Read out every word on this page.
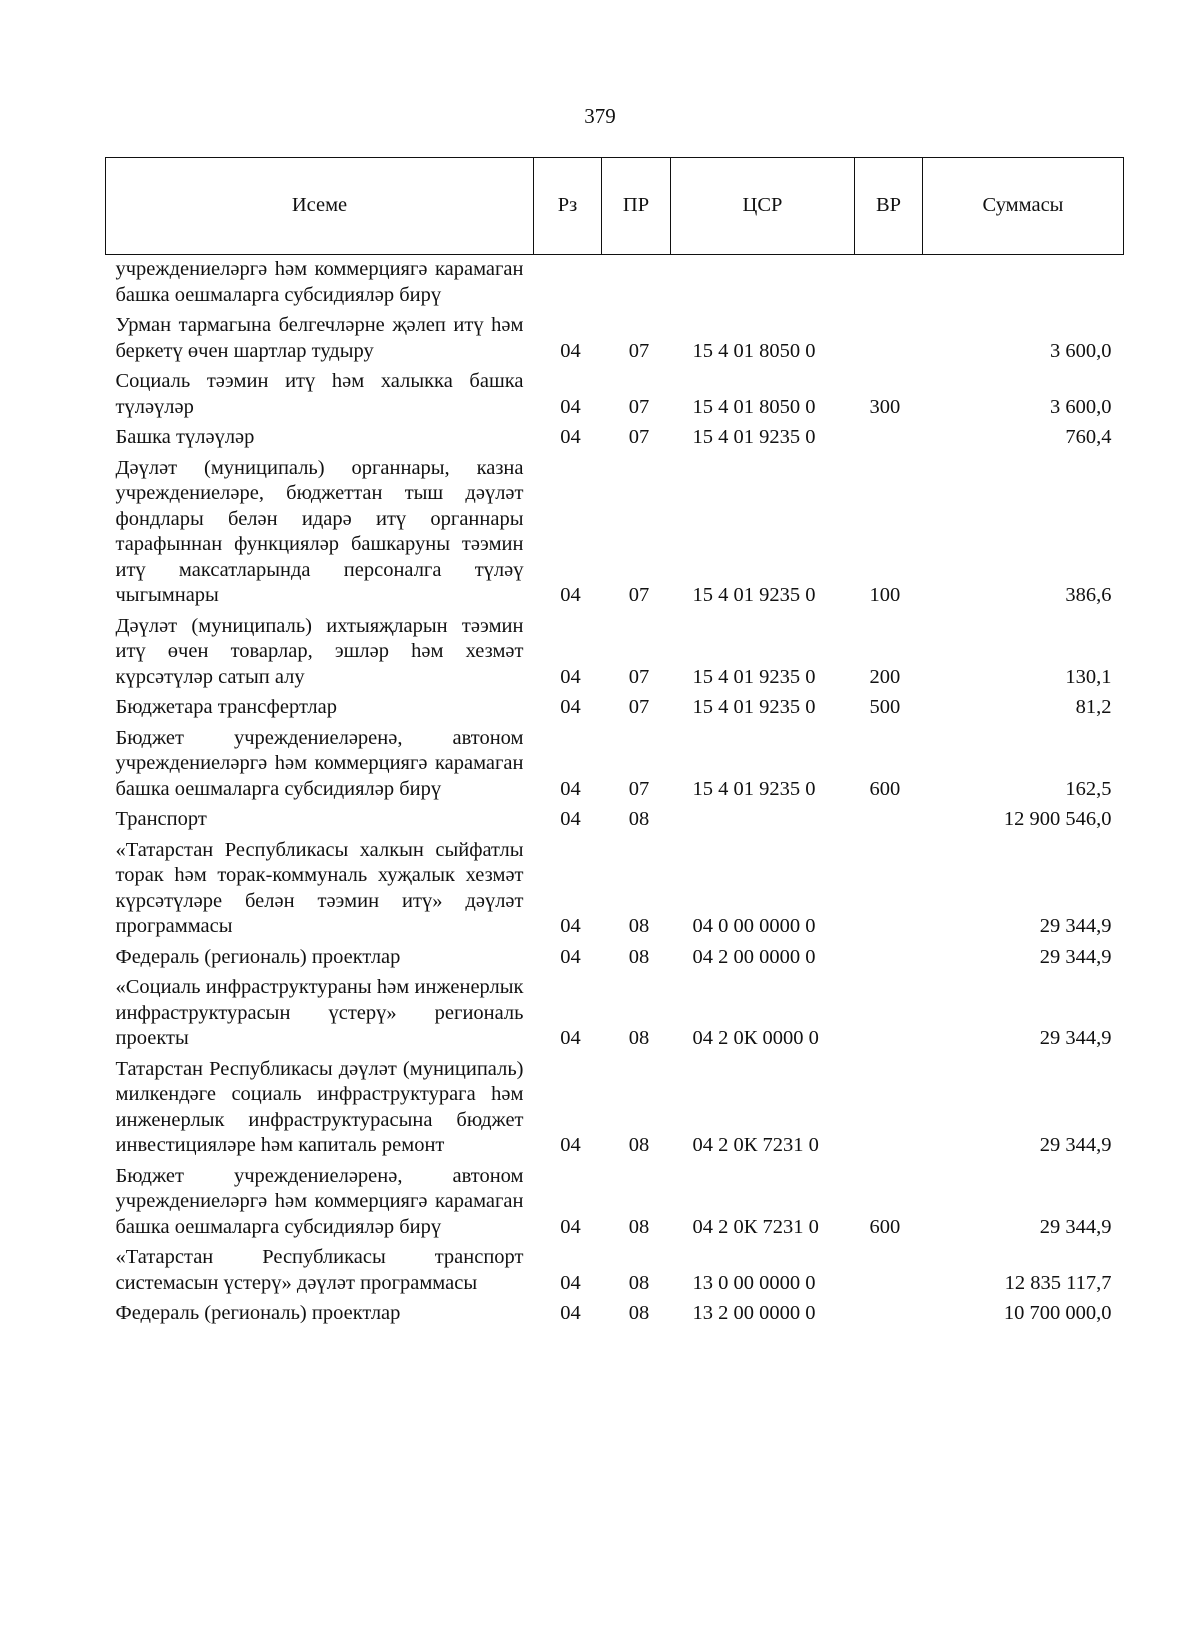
379
Исеме	Рз	ПР	ЦСР	ВР	Суммасы
учреждениеләргә һәм коммерциягә карамаган башка оешмаларга субсидияләр бирү					
Урман тармагына белгечләрне җәлеп итү һәм беркетү өчен шартлар тудыру	04	07	15 4 01 8050 0		3 600,0
Социаль тәэмин итү һәм халыкка башка түләүләр	04	07	15 4 01 8050 0	300	3 600,0
Башка түләүләр	04	07	15 4 01 9235 0		760,4
Дәүләт (муниципаль) органнары, казна учреждениеләре, бюджеттан тыш дәүләт фондлары белән идарә итү органнары тарафыннан функцияләр башкаруны тәэмин итү максатларында персоналга түләү чыгымнары	04	07	15 4 01 9235 0	100	386,6
Дәүләт (муниципаль) ихтыяҗларын тәэмин итү өчен товарлар, эшләр һәм хезмәт күрсәтүләр сатып алу	04	07	15 4 01 9235 0	200	130,1
Бюджетара трансфертлар	04	07	15 4 01 9235 0	500	81,2
Бюджет учреждениеләренә, автоном учреждениеләргә һәм коммерциягә карамаган башка оешмаларга субсидияләр бирү	04	07	15 4 01 9235 0	600	162,5
Транспорт	04	08			12 900 546,0
«Татарстан Республикасы халкын сыйфатлы торак һәм торак-коммуналь хуҗалык хезмәт күрсәтүләре белән тәэмин итү» дәүләт программасы	04	08	04 0 00 0000 0		29 344,9
Федераль (региональ) проектлар	04	08	04 2 00 0000 0		29 344,9
«Социаль инфраструктураны һәм инженерлык инфраструктурасын үстерү» региональ проекты	04	08	04 2 0К 0000 0		29 344,9
Татарстан Республикасы дәүләт (муниципаль) милкендәге социаль инфраструктурага һәм инженерлык инфраструктурасына бюджет инвестицияләре һәм капиталь ремонт	04	08	04 2 0К 7231 0		29 344,9
Бюджет учреждениеләренә, автоном учреждениеләргә һәм коммерциягә карамаган башка оешмаларга субсидияләр бирү	04	08	04 2 0К 7231 0	600	29 344,9
«Татарстан Республикасы транспорт системасын үстерү» дәүләт программасы	04	08	13 0 00 0000 0		12 835 117,7
Федераль (региональ) проектлар	04	08	13 2 00 0000 0		10 700 000,0
